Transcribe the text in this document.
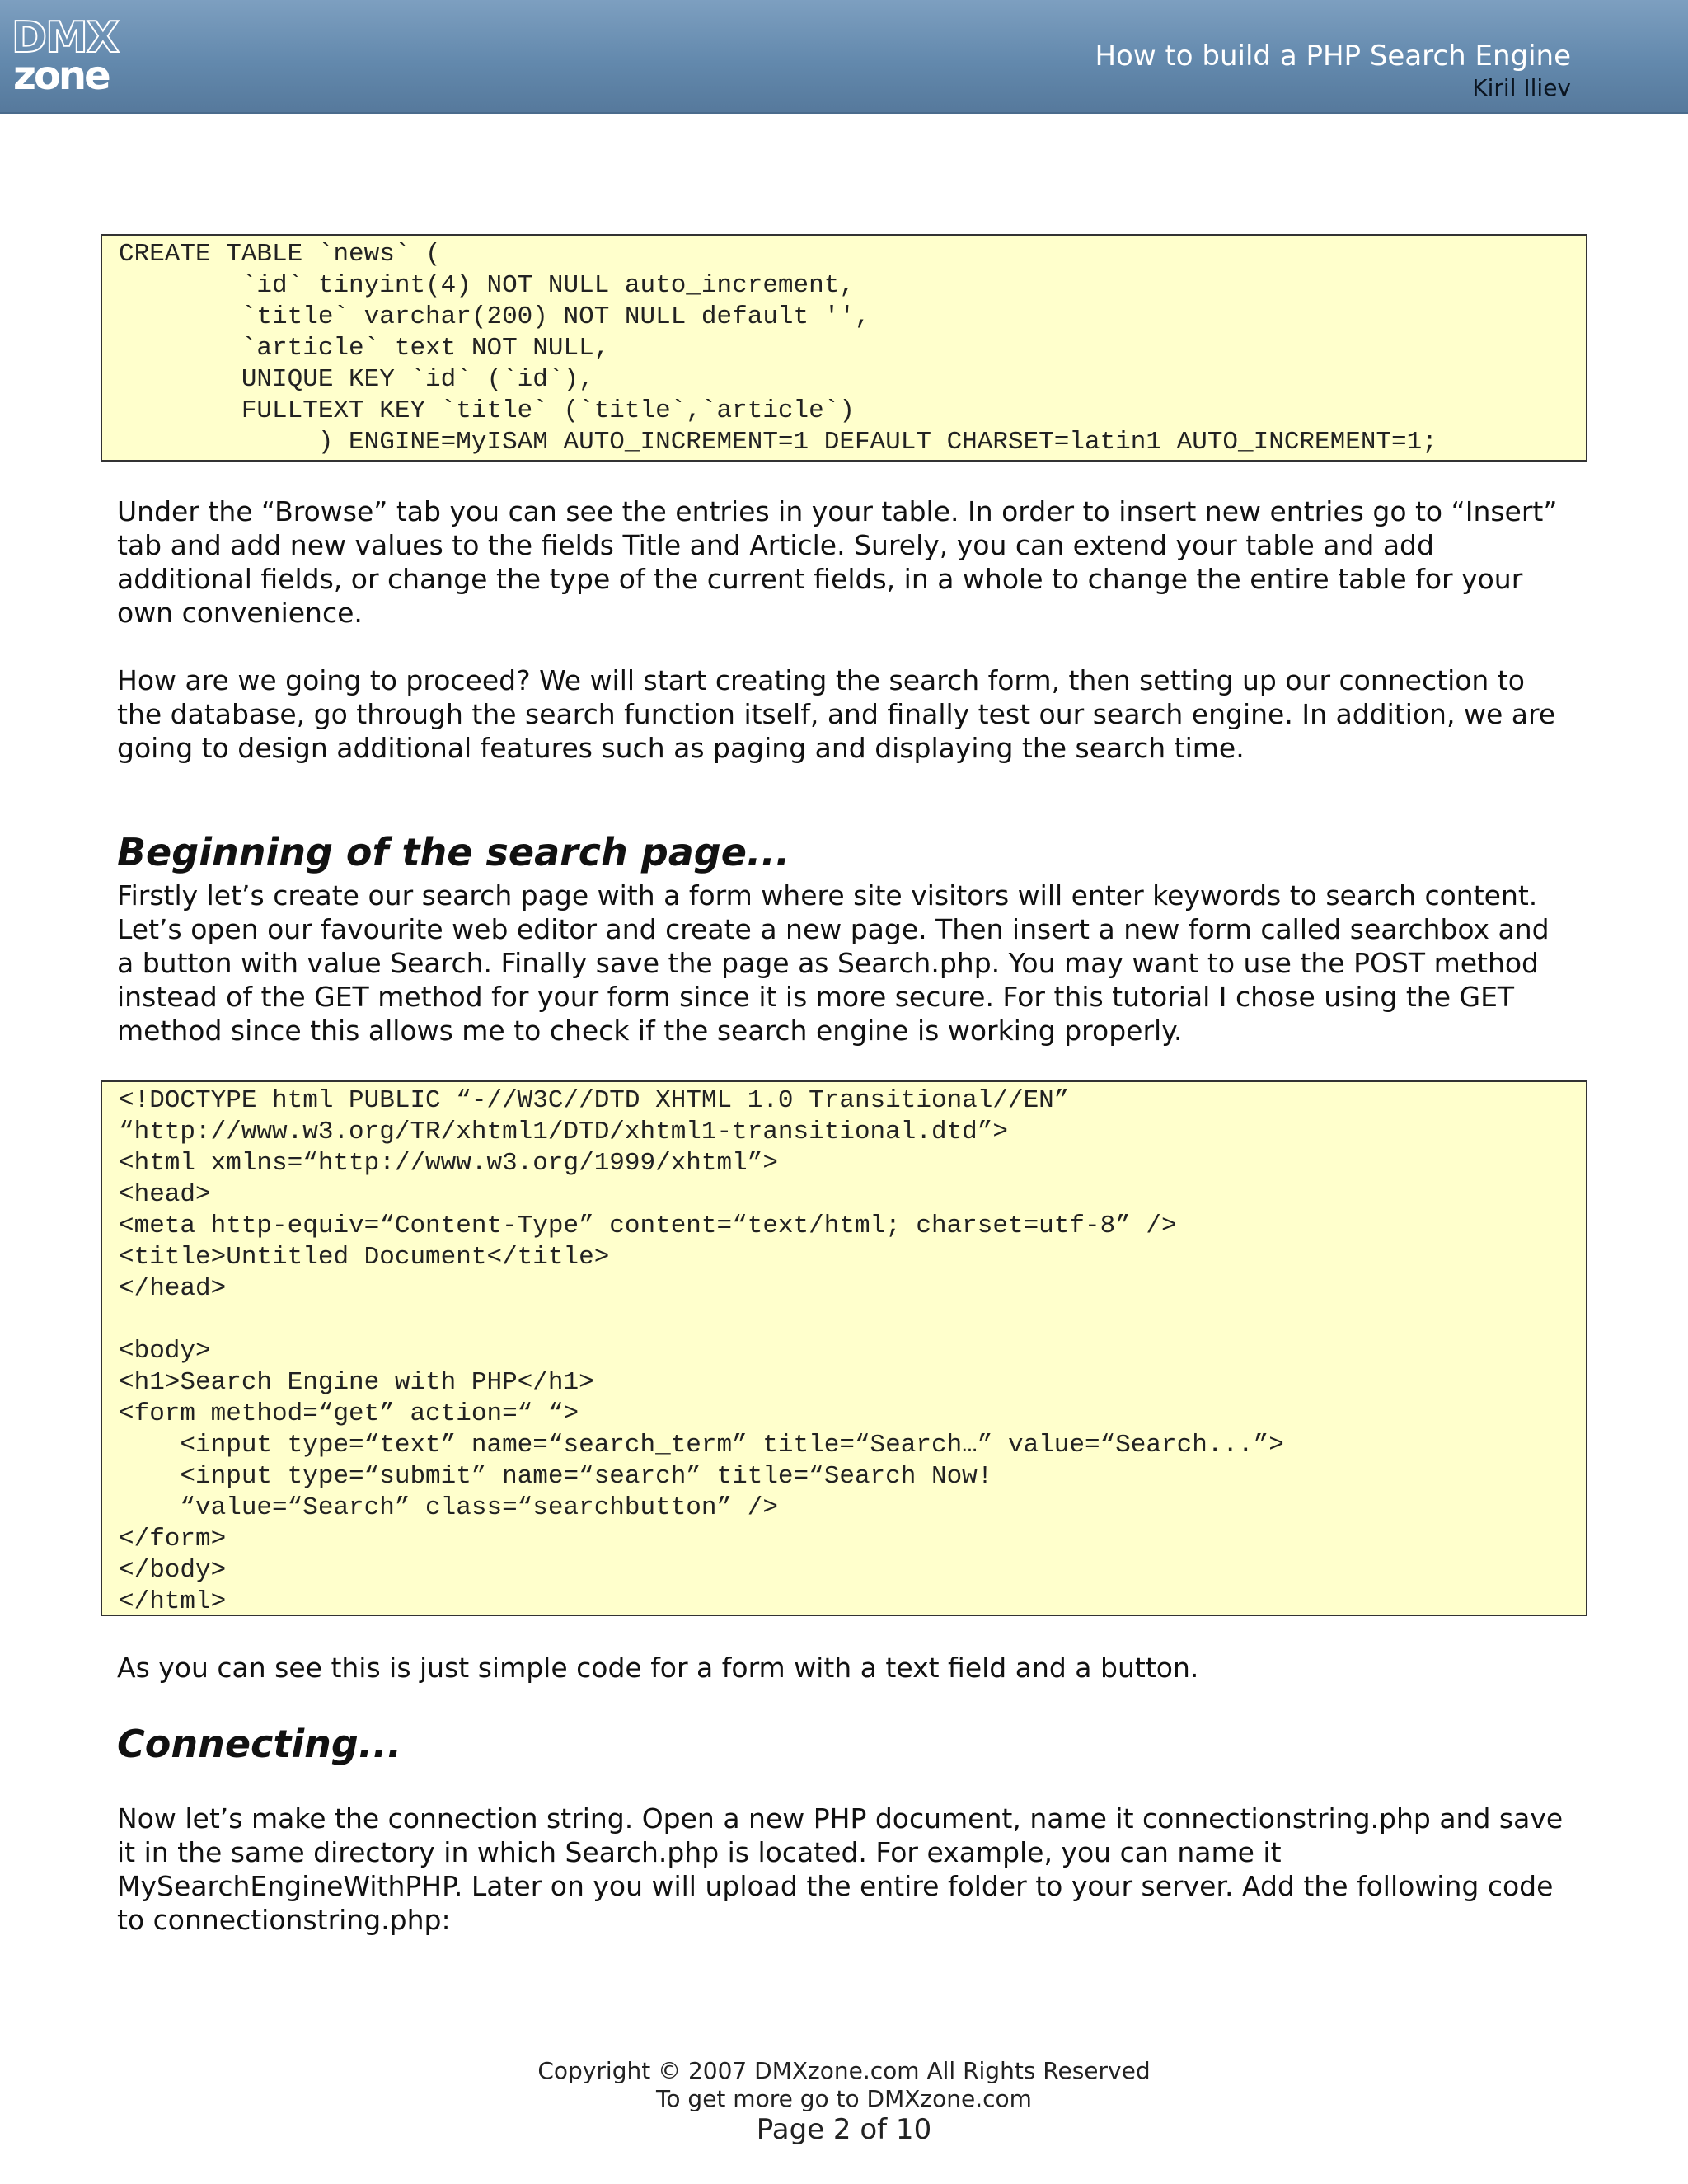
DMX
zone	How to build a PHP Search Engine
Kiril Iliev
CREATE TABLE `news` (
`id` tinyint(4) NOT NULL auto_increment,
`title` varchar(200) NOT NULL default '',
`article` text NOT NULL,
UNIQUE KEY `id` (`id`),
FULLTEXT KEY `title` (`title`,`article`)
) ENGINE=MyISAM AUTO_INCREMENT=1 DEFAULT CHARSET=latin1 AUTO_INCREMENT=1;

Under the “Browse” tab you can see the entries in your table. In order to insert new entries go to “Insert” tab and add new values to the fields Title and Article. Surely, you can extend your table and add additional fields, or change the type of the current fields, in a whole to change the entire table for your own convenience.

How are we going to proceed? We will start creating the search form, then setting up our connection to the database, go through the search function itself, and finally test our search engine. In addition, we are going to design additional features such as paging and displaying the search time.

Beginning of the search page...

Firstly let’s create our search page with a form where site visitors will enter keywords to search content. Let’s open our favourite web editor and create a new page. Then insert a new form called searchbox and a button with value Search. Finally save the page as Search.php. You may want to use the POST method instead of the GET method for your form since it is more secure. For this tutorial I chose using the GET method since this allows me to check if the search engine is working properly.

<!DOCTYPE html PUBLIC “-//W3C//DTD XHTML 1.0 Transitional//EN”
“http://www.w3.org/TR/xhtml1/DTD/xhtml1-transitional.dtd”>
<html xmlns=“http://www.w3.org/1999/xhtml”>
<head>
<meta http-equiv=“Content-Type” content=“text/html; charset=utf-8” />
<title>Untitled Document</title>
</head>

<body>
<h1>Search Engine with PHP</h1>
<form method=“get” action=“ “>
<input type=“text” name=“search_term” title=“Search…” value=“Search...”>
<input type=“submit” name=“search” title=“Search Now!
“value=“Search” class=“searchbutton” />
</form>
</body>
</html>

As you can see this is just simple code for a form with a text field and a button.

Connecting...

Now let’s make the connection string. Open a new PHP document, name it connectionstring.php and save it in the same directory in which Search.php is located. For example, you can name it MySearchEngineWithPHP. Later on you will upload the entire folder to your server. Add the following code to connectionstring.php:

Copyright © 2007 DMXzone.com All Rights Reserved
To get more go to DMXzone.com
Page 2 of 10
